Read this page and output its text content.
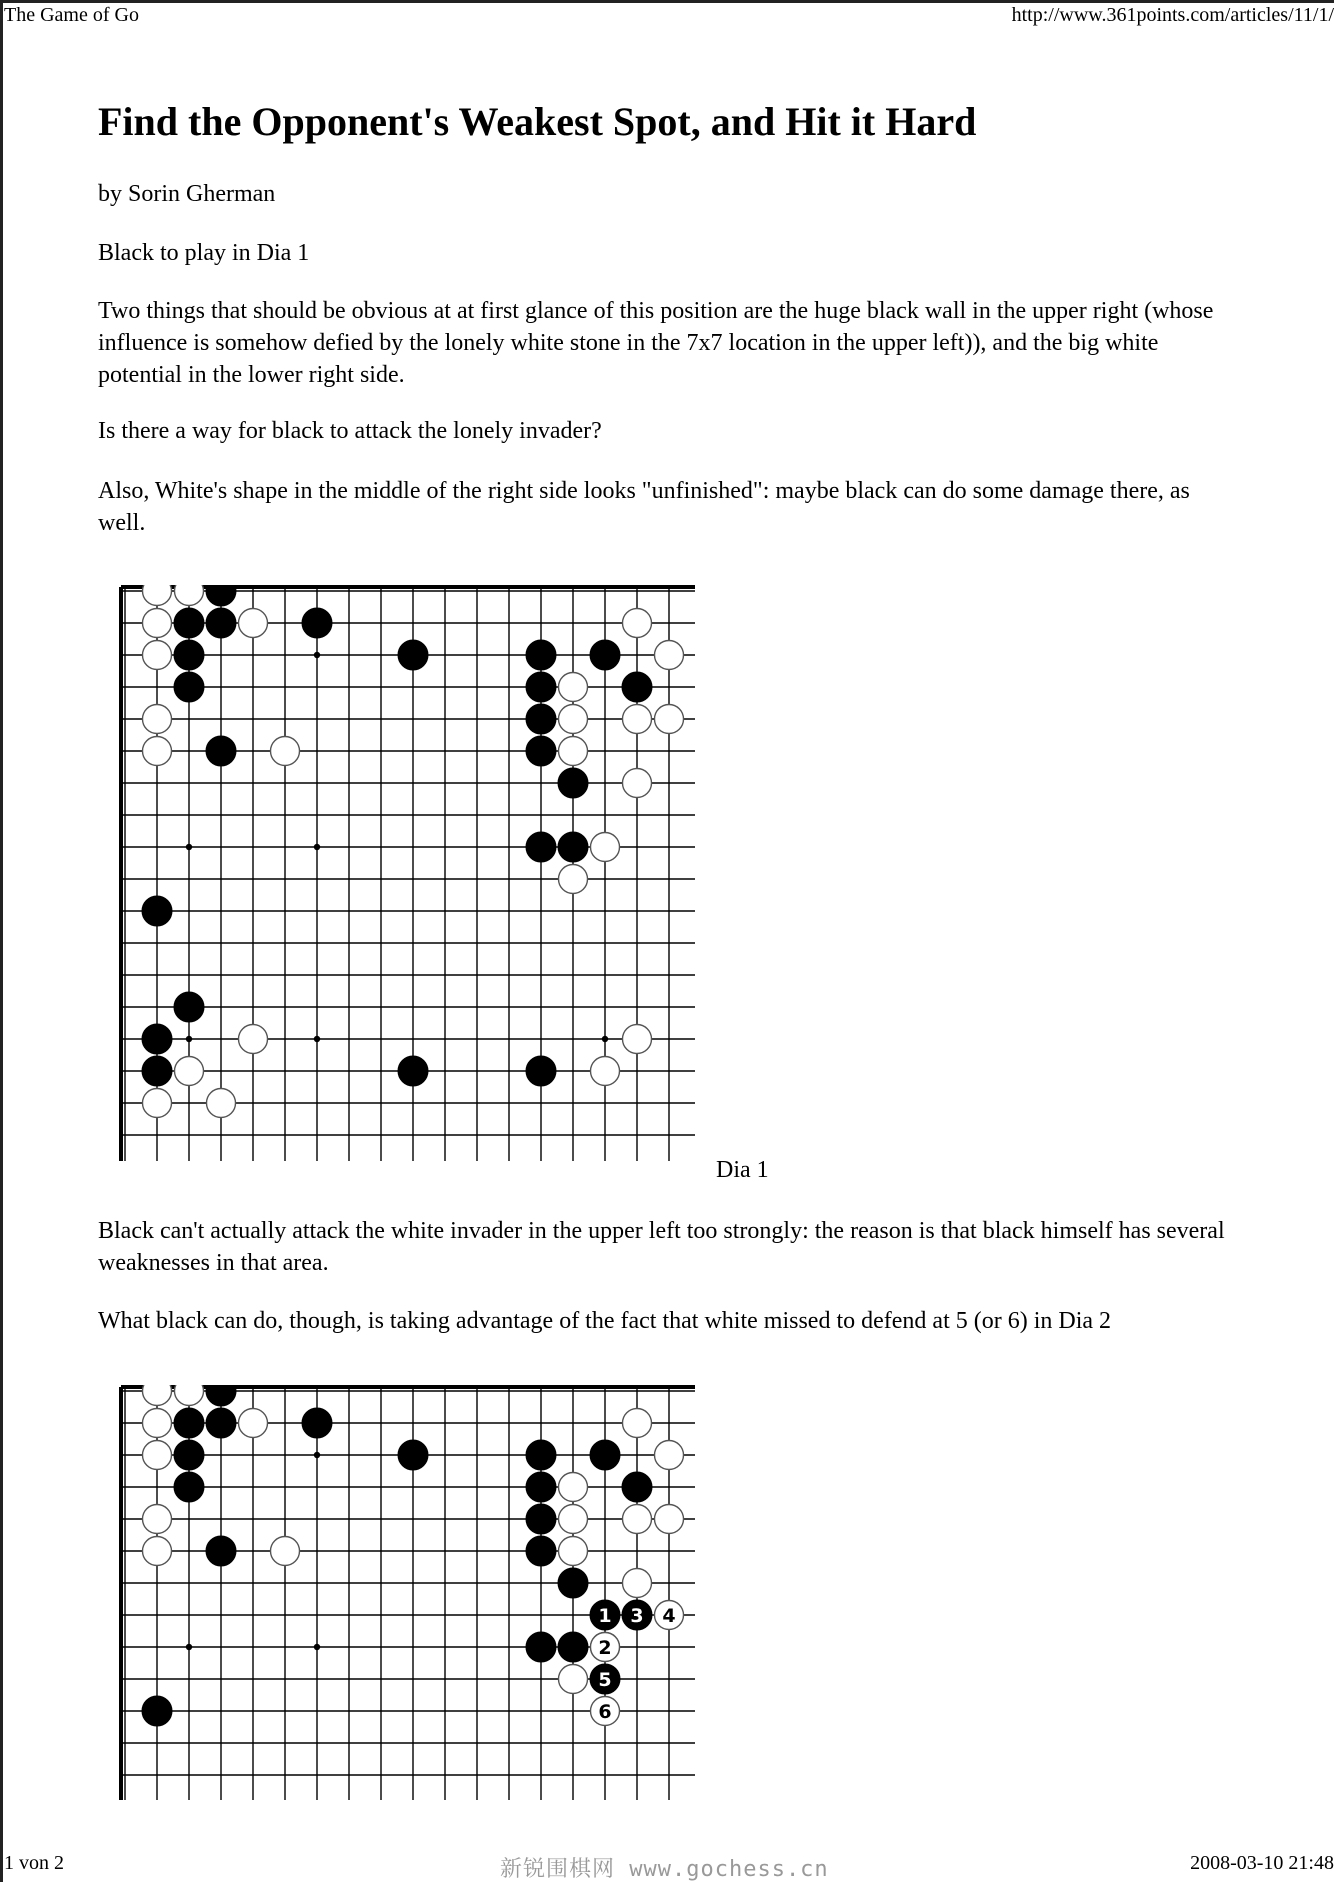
The Game of Go	http://www.361points.com/articles/11/1/
Find the Opponent's Weakest Spot, and Hit it Hard

by Sorin Gherman

Black to play in Dia 1

Two things that should be obvious at at first glance of this position are the huge black wall in the upper right (whose influence is somehow defied by the lonely white stone in the 7x7 location in the upper left)), and the big white potential in the lower right side.

Is there a way for black to attack the lonely invader?

Also, White's shape in the middle of the right side looks "unfinished": maybe black can do some damage there, as well.

Dia 1

Black can't actually attack the white invader in the upper left too strongly: the reason is that black himself has several weaknesses in that area.

What black can do, though, is taking advantage of the fact that white missed to defend at 5 (or 6) in Dia 2

1
2
3 4
5
6
1 von 2	新锐围棋网 www.gochess.cn	2008-03-10 21:48
